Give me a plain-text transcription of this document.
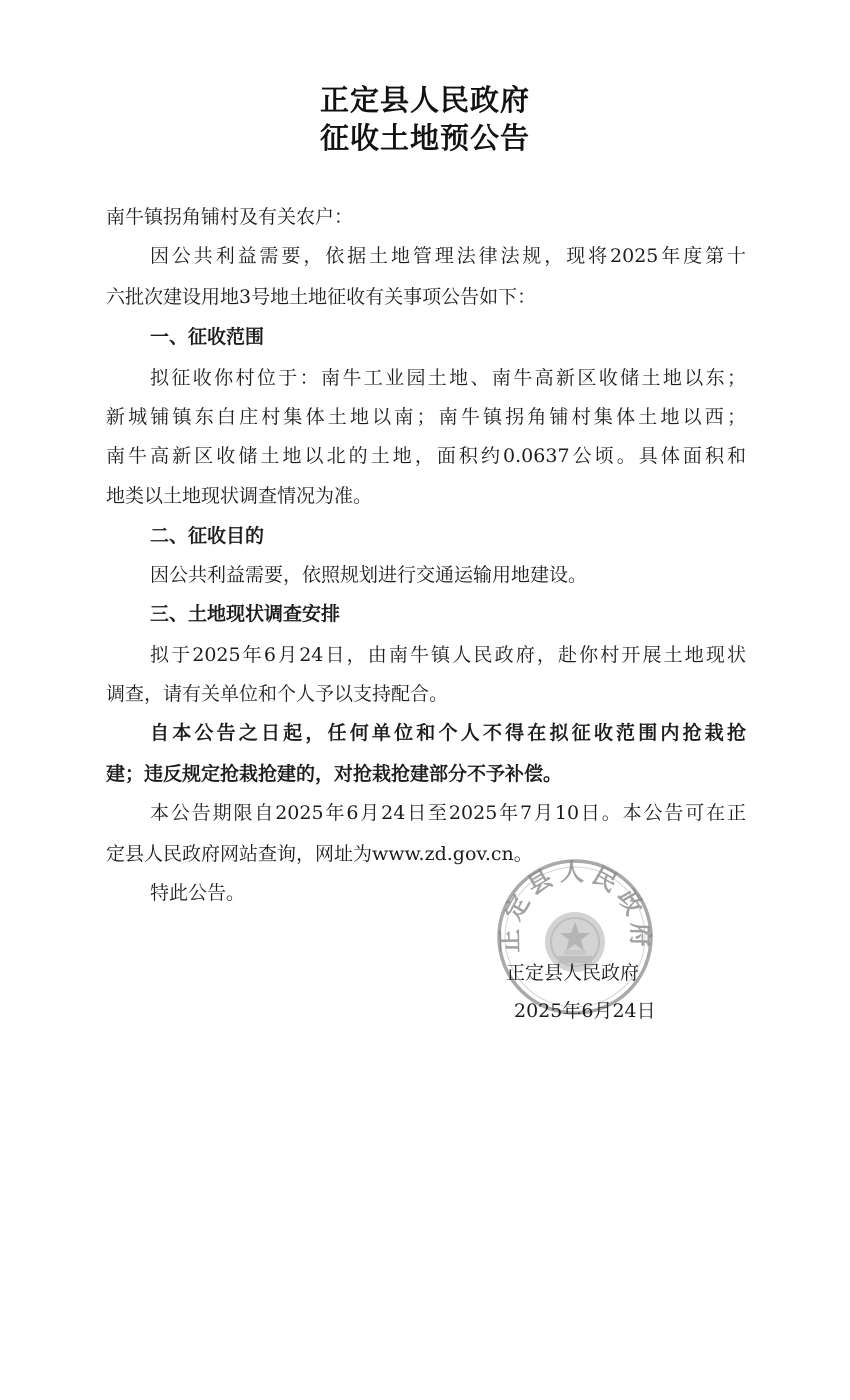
正定县人民政府
征收土地预公告
南牛镇拐角铺村及有关农户：
因公共利益需要，依据土地管理法律法规，现将2025年度第十
六批次建设用地3号地土地征收有关事项公告如下：
一、征收范围
拟征收你村位于：南牛工业园土地、南牛高新区收储土地以东；
新城铺镇东白庄村集体土地以南；南牛镇拐角铺村集体土地以西；
南牛高新区收储土地以北的土地，面积约0.0637公顷。具体面积和
地类以土地现状调查情况为准。
二、征收目的
因公共利益需要，依照规划进行交通运输用地建设。
三、土地现状调查安排
拟于2025年6月24日，由南牛镇人民政府，赴你村开展土地现状
调查，请有关单位和个人予以支持配合。
自本公告之日起，任何单位和个人不得在拟征收范围内抢栽抢
建；违反规定抢栽抢建的，对抢栽抢建部分不予补偿。
本公告期限自2025年6月24日至2025年7月10日。本公告可在正
定县人民政府网站查询，网址为www.zd.gov.cn。
特此公告。
正定县人民政府
正定县人民政府
2025年6月24日
